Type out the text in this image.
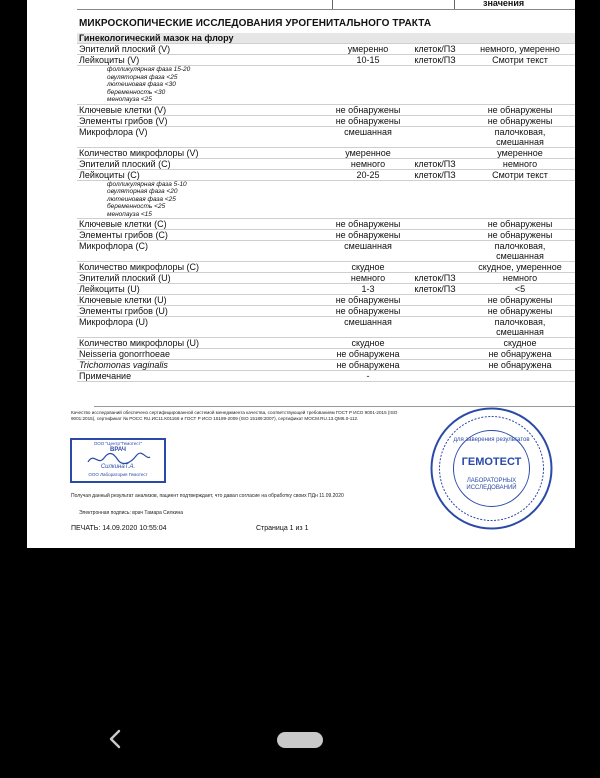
значения
МИКРОСКОПИЧЕСКИЕ ИССЛЕДОВАНИЯ УРОГЕНИТАЛЬНОГО ТРАКТА
Гинекологический мазок на флору			
Эпителий плоский (V)	умеренно	клеток/ПЗ	немного, умеренно

Лейкоциты (V)	10-15	клеток/ПЗ	Смотри текст

фолликулярная фаза 15-20
овуляторная фаза <25
лютеиновая фаза <30
беременность <30
менопауза <25			

Ключевые клетки (V)	не обнаружены		не обнаружены

Элементы грибов (V)	не обнаружены		не обнаружены

Микрофлора (V)	смешанная		палочковая,
смешанная

Количество микрофлоры (V)	умеренное		умеренное

Эпителий плоский (С)	немного	клеток/ПЗ	немного

Лейкоциты (С)	20-25	клеток/ПЗ	Смотри текст

фолликулярная фаза 5-10
овуляторная фаза <20
лютеиновая фаза <25
беременность <25
менопауза <15			

Ключевые клетки (С)	не обнаружены		не обнаружены

Элементы грибов (С)	не обнаружены		не обнаружены

Микрофлора (С)	смешанная		палочковая,
смешанная

Количество микрофлоры (С)	скудное		скудное, умеренное

Эпителий плоский (U)	немного	клеток/ПЗ	немного

Лейкоциты (U)	1-3	клеток/ПЗ	<5

Ключевые клетки (U)	не обнаружены		не обнаружены

Элементы грибов (U)	не обнаружены		не обнаружены

Микрофлора (U)	смешанная		палочковая,
смешанная

Количество микрофлоры (U)	скудное		скудное

Neisseria gonorrhoeae	не обнаружена		не обнаружена

Trichomonas vaginalis	не обнаружена		не обнаружена

Примечание	-		
Качество исследований обеспечено сертифицированной системой менеджмента качества, соответствующей требованиям ГОСТ Р ИСО 9001-2015 (ISO
9001:2015), сертификат № РОСС RU.ИС11.К01166 и ГОСТ Р ИСО 15189-2009 (ISO 15189:2007), сертификат МОСМ.RU.13.QM6.0-112.
ООО "Центр"Гемотест"
ВРАЧ
СилкинаТ.А.
ООО Лаборатория Гемотест
для заверения результатов
ГЕМОТЕСТ
ЛАБОРАТОРНЫХ ИССЛЕДОВАНИЙ
Получая данный результат анализов, пациент подтверждает, что давал согласие на обработку своих ПДн 11.09.2020
Электронная подпись: врач Тамара Силкина
ПЕЧАТЬ: 14.09.2020 10:55:04	Страница 1 из 1
